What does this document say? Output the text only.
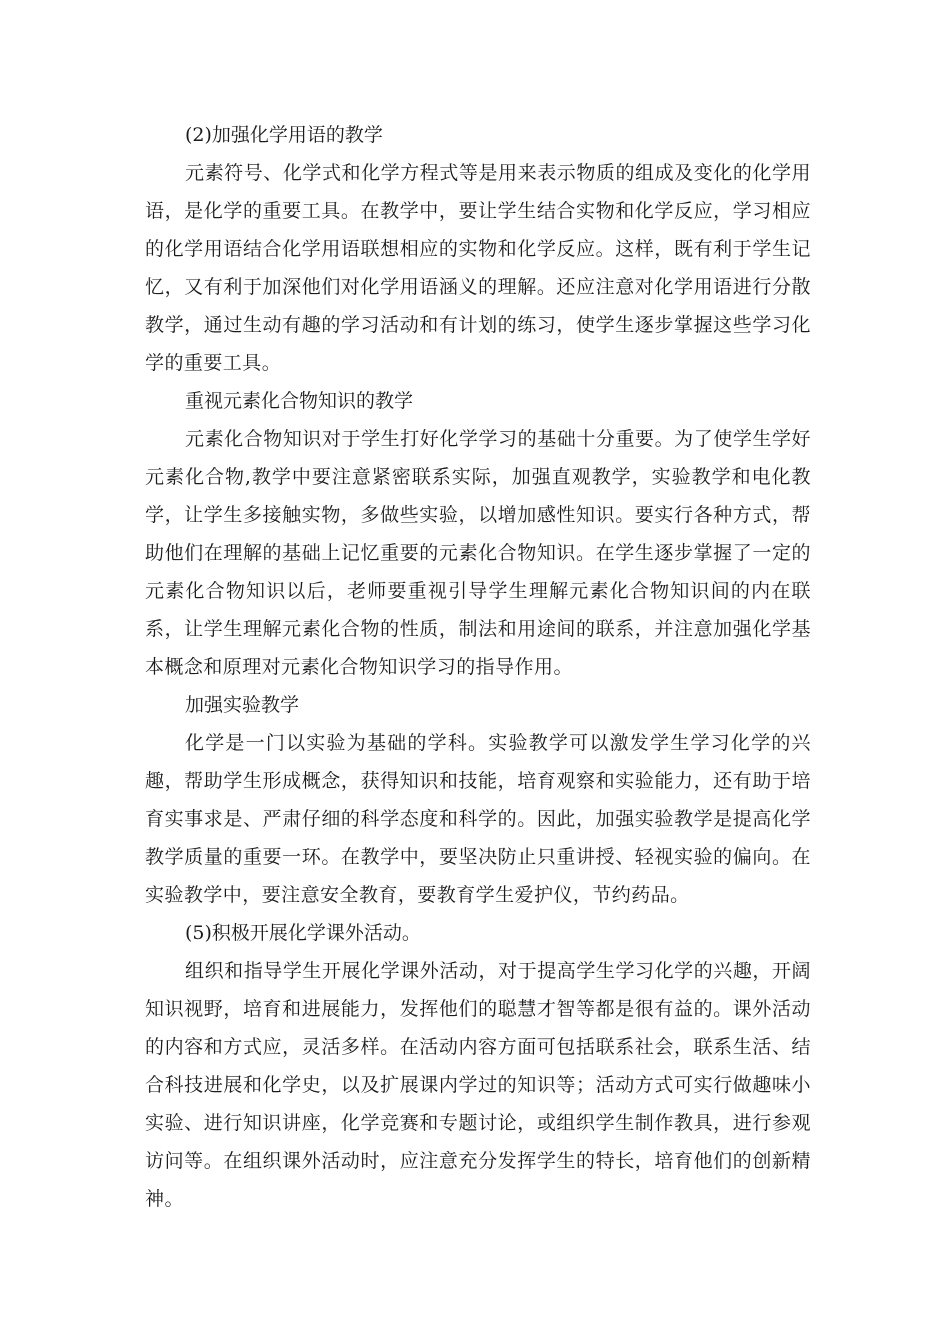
(2)加强化学用语的教学

元素符号、化学式和化学方程式等是用来表示物质的组成及变化的化学用语，是化学的重要工具。在教学中，要让学生结合实物和化学反应，学习相应的化学用语结合化学用语联想相应的实物和化学反应。这样，既有利于学生记忆，又有利于加深他们对化学用语涵义的理解。还应注意对化学用语进行分散教学，通过生动有趣的学习活动和有计划的练习，使学生逐步掌握这些学习化学的重要工具。

重视元素化合物知识的教学

元素化合物知识对于学生打好化学学习的基础十分重要。为了使学生学好元素化合物,教学中要注意紧密联系实际，加强直观教学，实验教学和电化教学，让学生多接触实物，多做些实验，以增加感性知识。要实行各种方式，帮助他们在理解的基础上记忆重要的元素化合物知识。在学生逐步掌握了一定的元素化合物知识以后，老师要重视引导学生理解元素化合物知识间的内在联系，让学生理解元素化合物的性质，制法和用途间的联系，并注意加强化学基本概念和原理对元素化合物知识学习的指导作用。

加强实验教学

化学是一门以实验为基础的学科。实验教学可以激发学生学习化学的兴趣，帮助学生形成概念，获得知识和技能，培育观察和实验能力，还有助于培育实事求是、严肃仔细的科学态度和科学的。因此，加强实验教学是提高化学教学质量的重要一环。在教学中，要坚决防止只重讲授、轻视实验的偏向。在实验教学中，要注意安全教育，要教育学生爱护仪，节约药品。

(5)积极开展化学课外活动。

组织和指导学生开展化学课外活动，对于提高学生学习化学的兴趣，开阔知识视野，培育和进展能力，发挥他们的聪慧才智等都是很有益的。课外活动的内容和方式应，灵活多样。在活动内容方面可包括联系社会，联系生活、结合科技进展和化学史，以及扩展课内学过的知识等；活动方式可实行做趣味小实验、进行知识讲座，化学竞赛和专题讨论，或组织学生制作教具，进行参观访问等。在组织课外活动时，应注意充分发挥学生的特长，培育他们的创新精神。
